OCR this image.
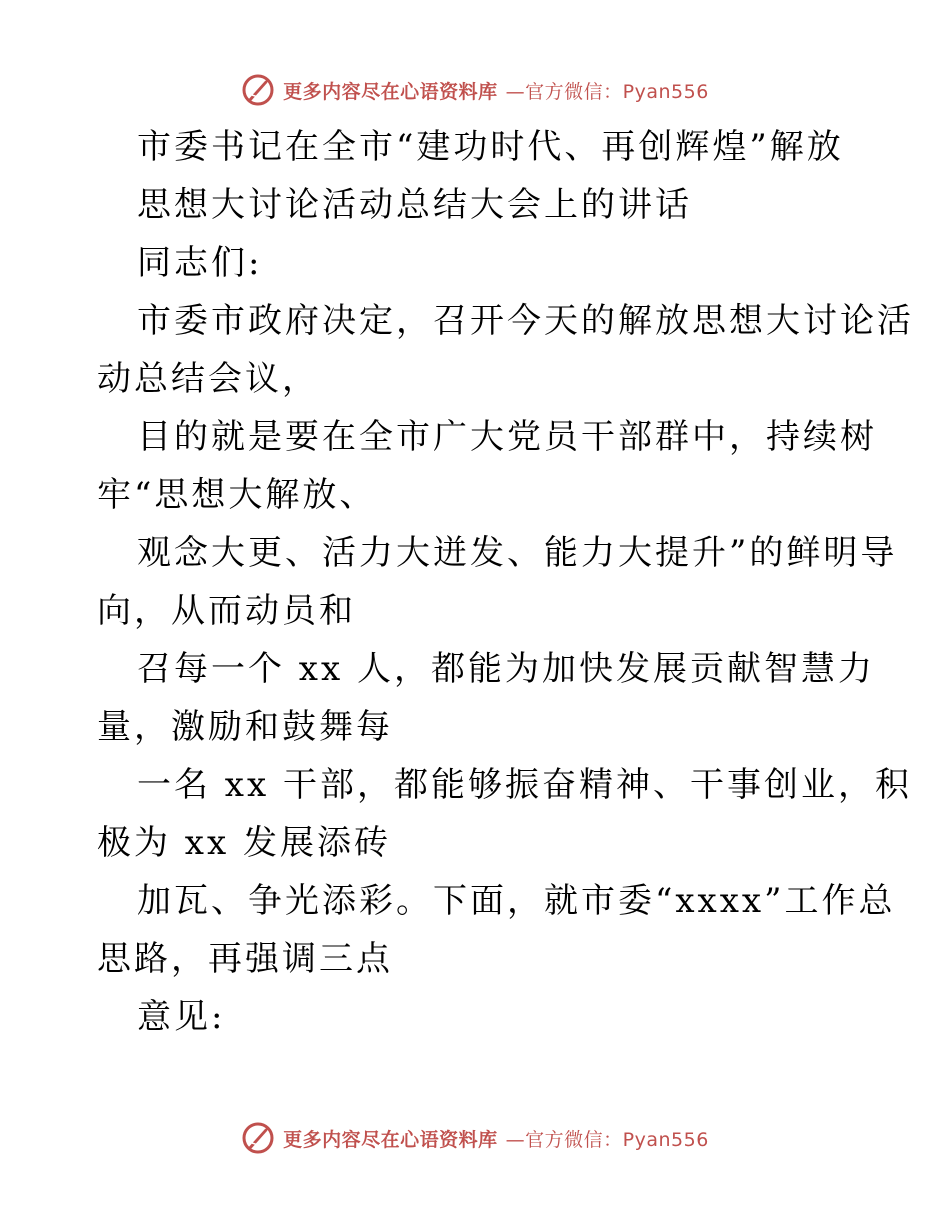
更多内容尽在心语资料库 —官方微信：Pyan556
市委书记在全市“建功时代、再创辉煌”解放
思想大讨论活动总结大会上的讲话
同志们:
市委市政府决定，召开今天的解放思想大讨论活
动总结会议，
目的就是要在全市广大党员干部群中，持续树
牢“思想大解放、
观念大更、活力大迸发、能力大提升”的鲜明导
向，从而动员和
召每一个 xx 人，都能为加快发展贡献智慧力
量，激励和鼓舞每
一名 xx 干部，都能够振奋精神、干事创业，积
极为 xx 发展添砖
加瓦、争光添彩。下面，就市委“xxxx”工作总
思路，再强调三点
意见:
更多内容尽在心语资料库 —官方微信：Pyan556
